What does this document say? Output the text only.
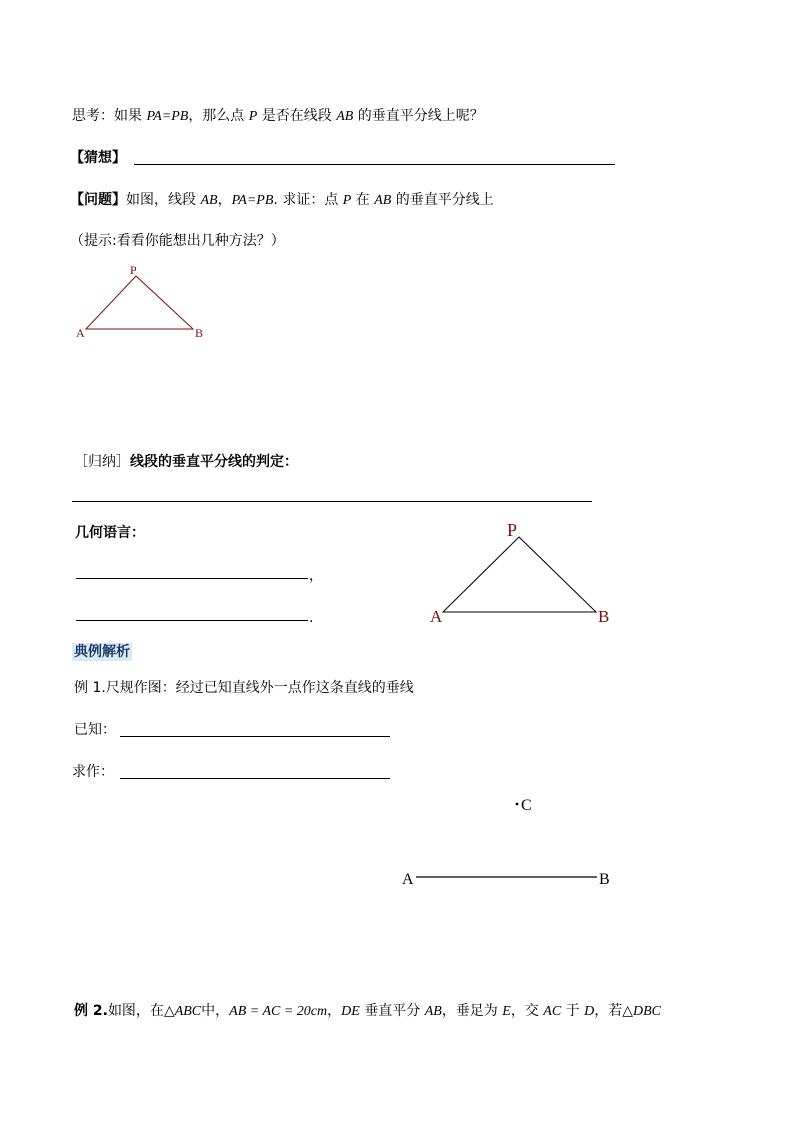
思考：如果 PA=PB，那么点 P 是否在线段 AB 的垂直平分线上呢？
【猜想】
【问题】如图，线段 AB，PA=PB. 求证：点 P 在 AB 的垂直平分线上
（提示:看看你能想出几种方法？）
P
A	B
［归纳］线段的垂直平分线的判定：
几何语言：
，
.
P
A	B
典例解析
例 1.尺规作图：经过已知直线外一点作这条直线的垂线
已知：
求作：
C
A	B
例 2.如图，在△ABC中，AB = AC = 20cm，DE 垂直平分 AB，垂足为 E，交 AC 于 D，若△DBC
